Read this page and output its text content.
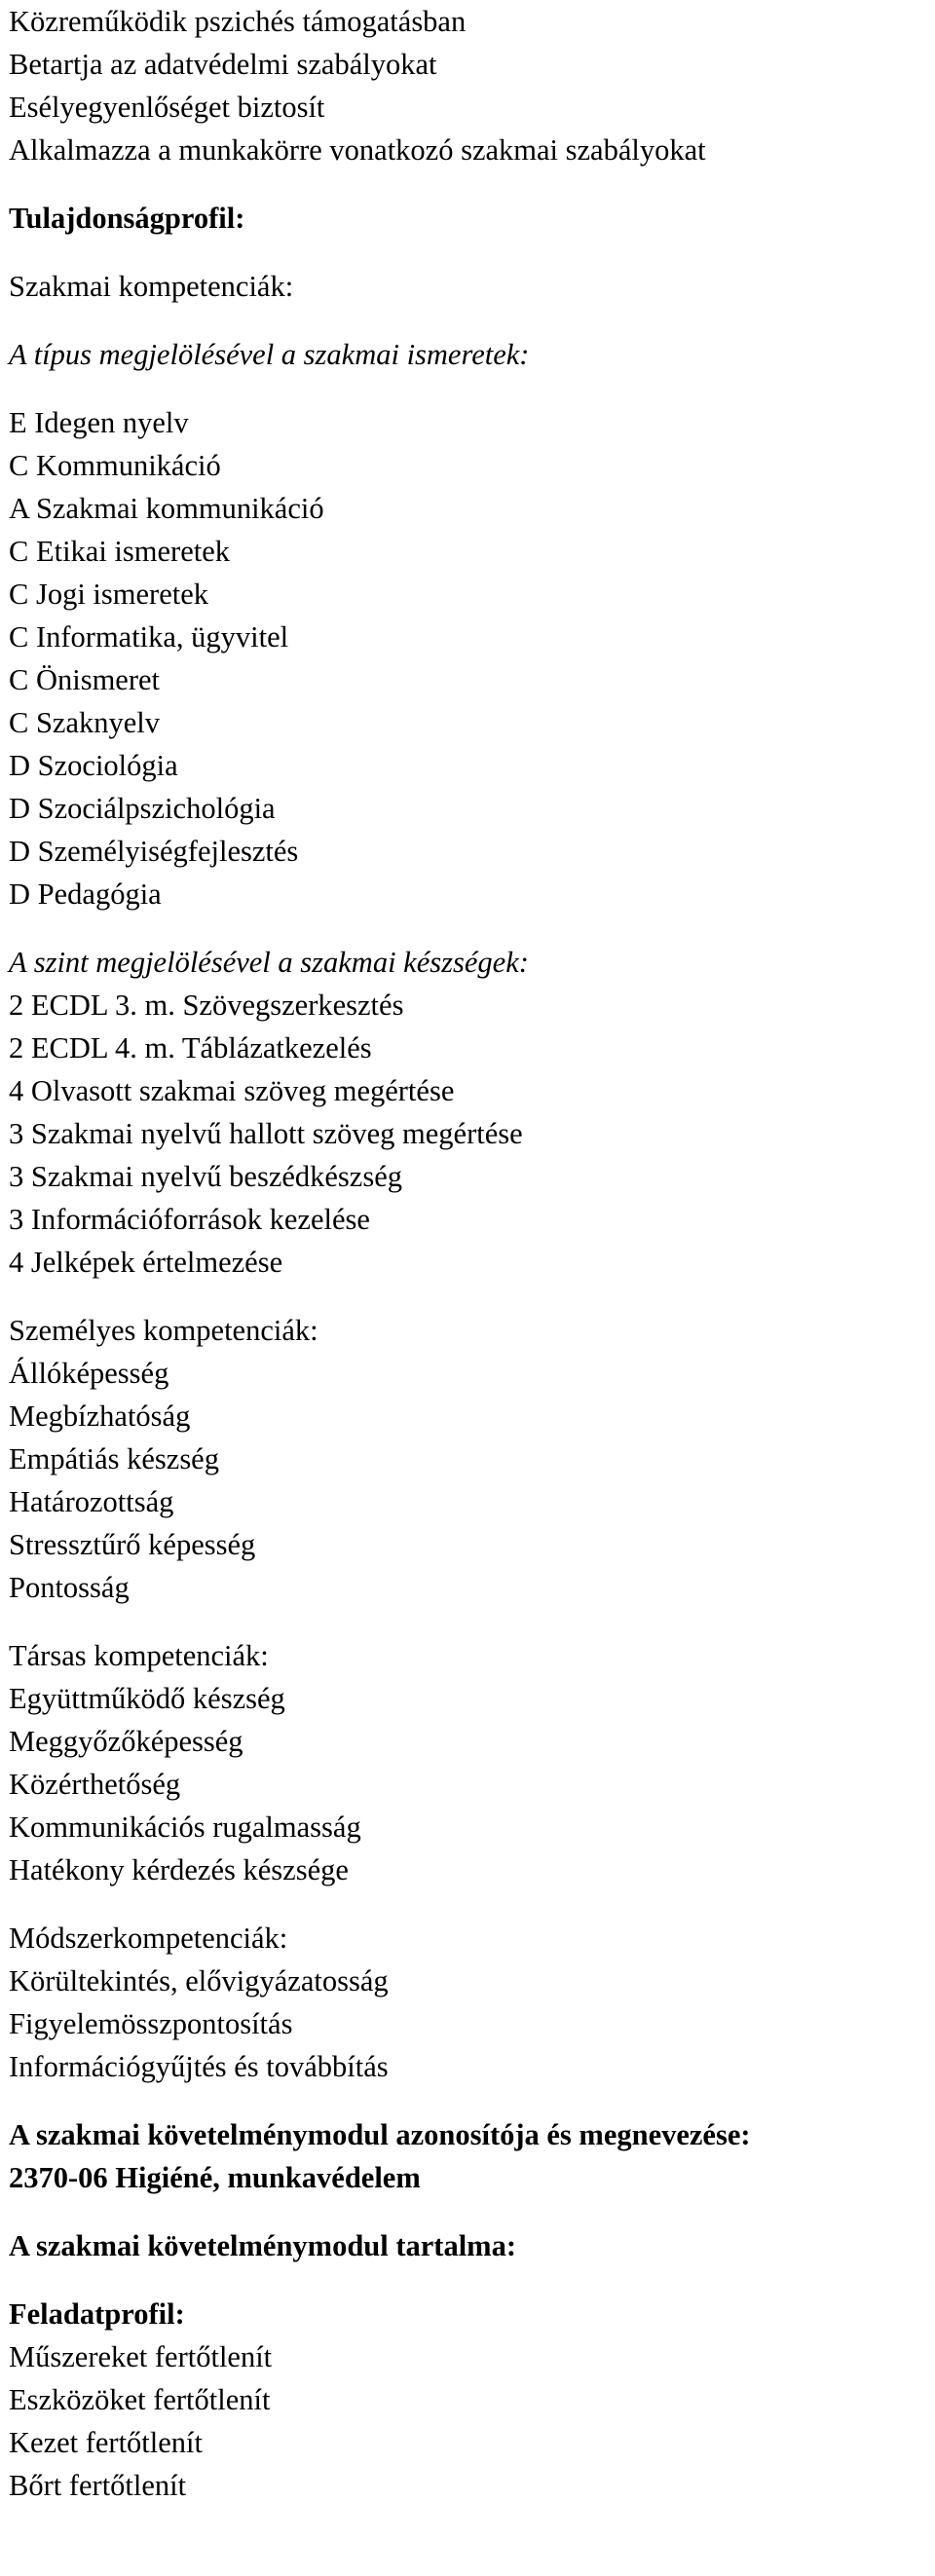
Közreműködik pszichés támogatásban
Betartja az adatvédelmi szabályokat
Esélyegyenlőséget biztosít
Alkalmazza a munkakörre vonatkozó szakmai szabályokat
Tulajdonságprofil:
Szakmai kompetenciák:
A típus megjelölésével a szakmai ismeretek:
E Idegen nyelv
C Kommunikáció
A Szakmai kommunikáció
C Etikai ismeretek
C Jogi ismeretek
C Informatika, ügyvitel
C Önismeret
C Szaknyelv
D Szociológia
D Szociálpszichológia
D Személyiségfejlesztés
D Pedagógia
A szint megjelölésével a szakmai készségek:
2 ECDL 3. m. Szövegszerkesztés
2 ECDL 4. m. Táblázatkezelés
4 Olvasott szakmai szöveg megértése
3 Szakmai nyelvű hallott szöveg megértése
3 Szakmai nyelvű beszédkészség
3 Információforrások kezelése
4 Jelképek értelmezése
Személyes kompetenciák:
Állóképesség
Megbízhatóság
Empátiás készség
Határozottság
Stressztűrő képesség
Pontosság
Társas kompetenciák:
Együttműködő készség
Meggyőzőképesség
Közérthetőség
Kommunikációs rugalmasság
Hatékony kérdezés készsége
Módszerkompetenciák:
Körültekintés, elővigyázatosság
Figyelemösszpontosítás
Információgyűjtés és továbbítás
A szakmai követelménymodul azonosítója és megnevezése:
2370-06 Higiéné, munkavédelem
A szakmai követelménymodul tartalma:
Feladatprofil:
Műszereket fertőtlenít
Eszközöket fertőtlenít
Kezet fertőtlenít
Bőrt fertőtlenít
